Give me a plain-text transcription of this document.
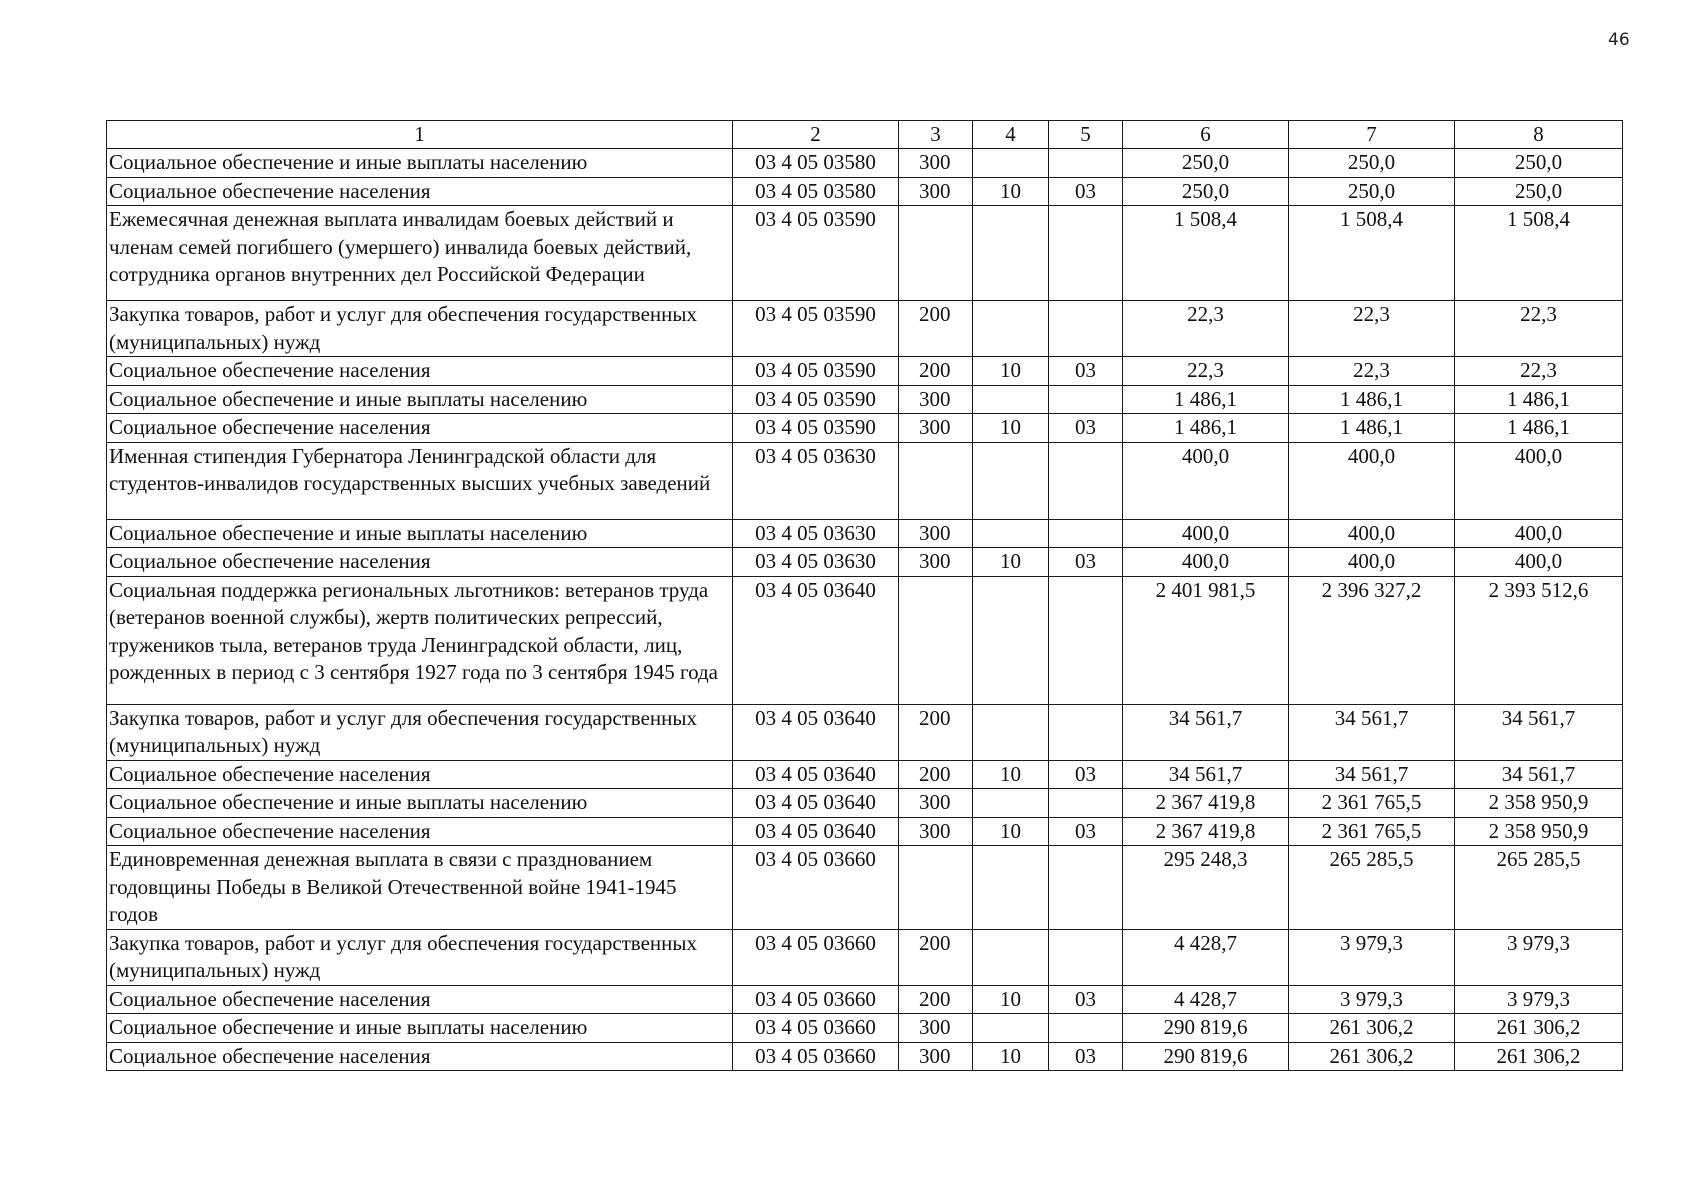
46
1	2	3	4	5	6	7	8
Социальное обеспечение и иные выплаты населению	03 4 05 03580	300			250,0	250,0	250,0
Социальное обеспечение населения	03 4 05 03580	300	10	03	250,0	250,0	250,0
Ежемесячная денежная выплата инвалидам боевых действий и членам семей погибшего (умершего) инвалида боевых действий, сотрудника органов внутренних дел Российской Федерации	03 4 05 03590				1 508,4	1 508,4	1 508,4
Закупка товаров, работ и услуг для обеспечения государственных (муниципальных) нужд	03 4 05 03590	200			22,3	22,3	22,3
Социальное обеспечение населения	03 4 05 03590	200	10	03	22,3	22,3	22,3
Социальное обеспечение и иные выплаты населению	03 4 05 03590	300			1 486,1	1 486,1	1 486,1
Социальное обеспечение населения	03 4 05 03590	300	10	03	1 486,1	1 486,1	1 486,1
Именная стипендия Губернатора Ленинградской области для студентов-инвалидов государственных высших учебных заведений	03 4 05 03630				400,0	400,0	400,0
Социальное обеспечение и иные выплаты населению	03 4 05 03630	300			400,0	400,0	400,0
Социальное обеспечение населения	03 4 05 03630	300	10	03	400,0	400,0	400,0
Социальная поддержка региональных льготников: ветеранов труда (ветеранов военной службы), жертв политических репрессий, тружеников тыла, ветеранов труда Ленинградской области, лиц, рожденных в период с 3 сентября 1927 года по 3 сентября 1945 года	03 4 05 03640				2 401 981,5	2 396 327,2	2 393 512,6
Закупка товаров, работ и услуг для обеспечения государственных (муниципальных) нужд	03 4 05 03640	200			34 561,7	34 561,7	34 561,7
Социальное обеспечение населения	03 4 05 03640	200	10	03	34 561,7	34 561,7	34 561,7
Социальное обеспечение и иные выплаты населению	03 4 05 03640	300			2 367 419,8	2 361 765,5	2 358 950,9
Социальное обеспечение населения	03 4 05 03640	300	10	03	2 367 419,8	2 361 765,5	2 358 950,9
Единовременная денежная выплата в связи с празднованием годовщины Победы в Великой Отечественной войне 1941-1945 годов	03 4 05 03660				295 248,3	265 285,5	265 285,5
Закупка товаров, работ и услуг для обеспечения государственных (муниципальных) нужд	03 4 05 03660	200			4 428,7	3 979,3	3 979,3
Социальное обеспечение населения	03 4 05 03660	200	10	03	4 428,7	3 979,3	3 979,3
Социальное обеспечение и иные выплаты населению	03 4 05 03660	300			290 819,6	261 306,2	261 306,2
Социальное обеспечение населения	03 4 05 03660	300	10	03	290 819,6	261 306,2	261 306,2
